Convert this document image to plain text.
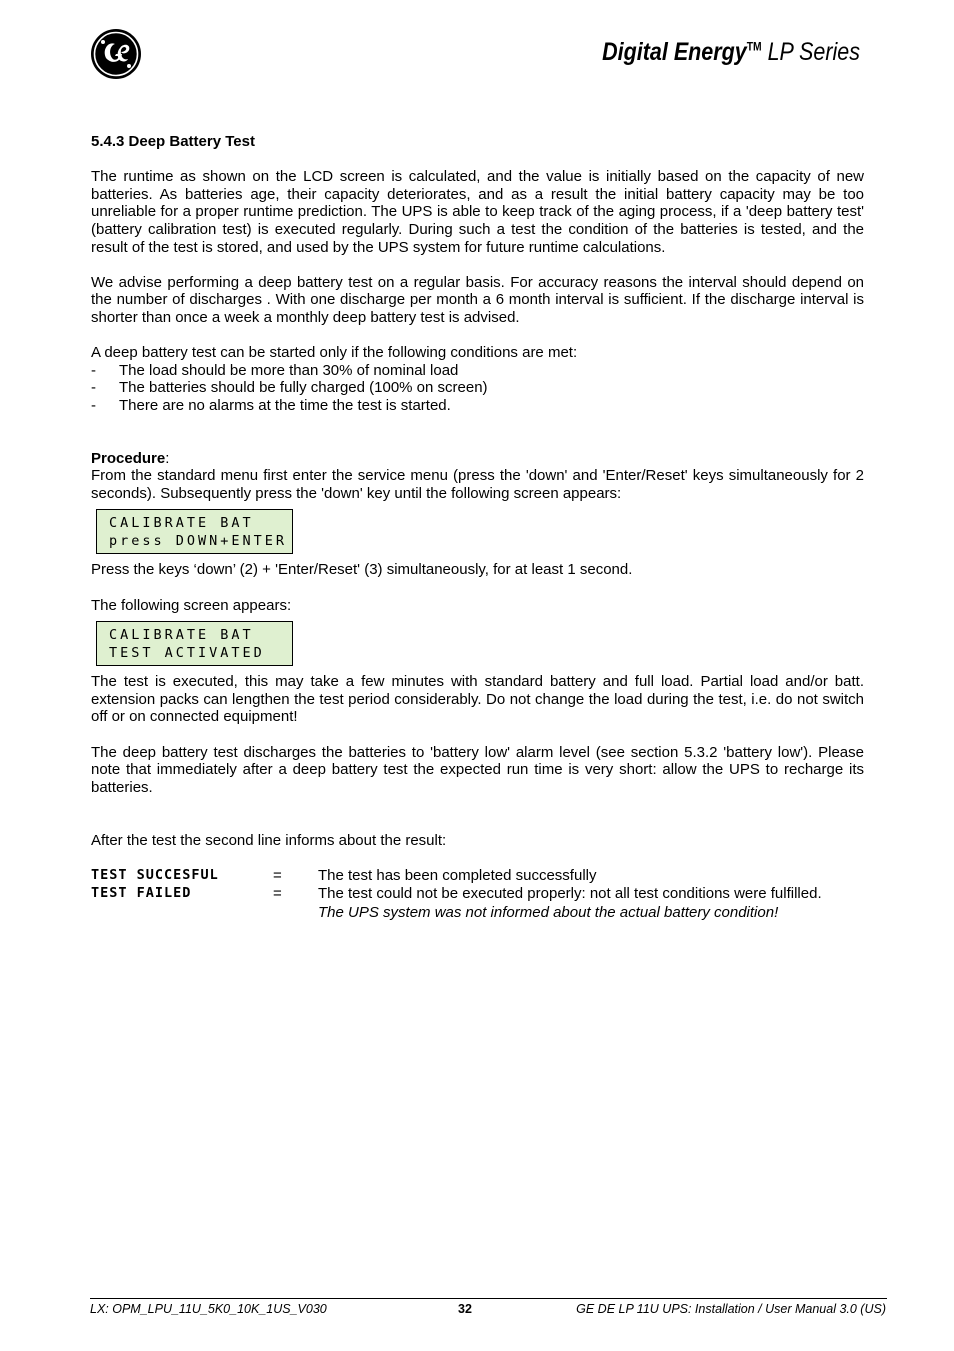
Digital Energy™ LP Series
5.4.3 Deep Battery Test

The runtime as shown on the LCD screen is calculated, and the value is initially based on the capacity of new batteries. As batteries age, their capacity deteriorates, and as a result the initial battery capacity may be too unreliable for a proper runtime prediction. The UPS is able to keep track of the aging process, if a 'deep battery test' (battery calibration test) is executed regularly. During such a test the condition of the batteries is tested, and the result of the test is stored, and used by the UPS system for future runtime calculations.

We advise performing a deep battery test on a regular basis. For accuracy reasons the interval should depend on the number of discharges . With one discharge per month a 6 month interval is sufficient. If the discharge interval is shorter than once a week a monthly deep battery test is advised.

A deep battery test can be started only if the following conditions are met:

- The load should be more than 30% of nominal load
- The batteries should be fully charged (100% on screen)
- There are no alarms at the time the test is started.
Procedure:

From the standard menu first enter the service menu (press the 'down' and 'Enter/Reset' keys simultaneously for 2 seconds). Subsequently press the 'down' key until the following screen appears:

CALIBRATE BAT
press DOWN+ENTER

Press the keys ‘down’ (2) + 'Enter/Reset' (3) simultaneously, for at least 1 second.

The following screen appears:

CALIBRATE BAT
TEST ACTIVATED

The test is executed, this may take a few minutes with standard battery and full load. Partial load and/or batt. extension packs can lengthen the test period considerably. Do not change the load during the test, i.e. do not switch off or on connected equipment!

The deep battery test discharges the batteries to 'battery low' alarm level (see section 5.3.2 'battery low'). Please note that immediately after a deep battery test the expected run time is very short: allow the UPS to recharge its batteries.

After the test the second line informs about the result:

TEST SUCCESFUL	= The test has been completed successfully
TEST FAILED	= The test could not be executed properly: not all test conditions were fulfilled.
The UPS system was not informed about the actual battery condition!
LX: OPM_LPU_11U_5K0_10K_1US_V030	32	GE DE LP 11U UPS: Installation / User Manual 3.0 (US)
